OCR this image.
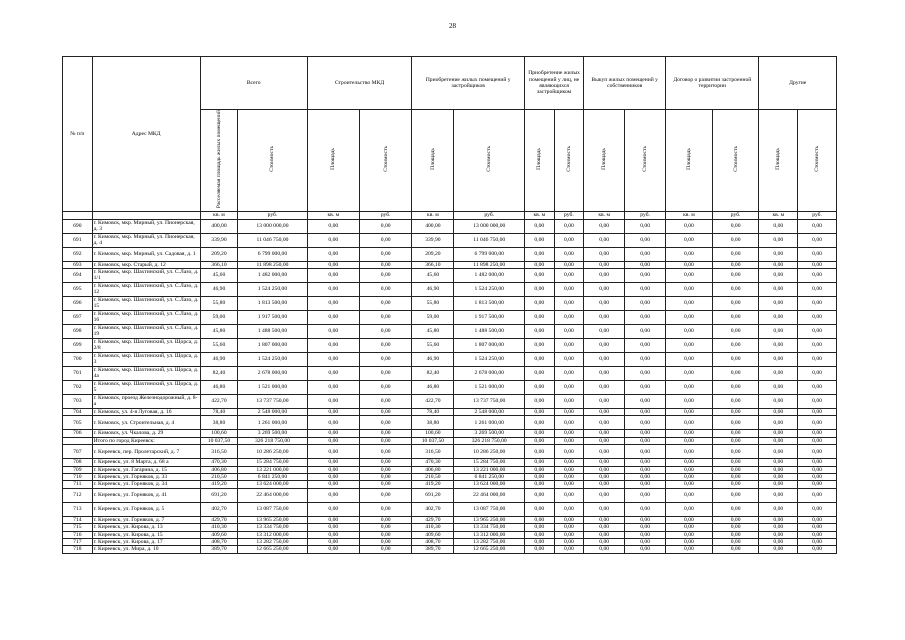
28
№ п/п	Адрес МКД	Всего		Строительство МКД		Приобретение жилых помещений у застройщиков		Приобретение жилых помещений у лиц, не являющихся застройщиком		Выкуп жилых помещений у собственников		Договор о развитии застроенной территории		Другие	
		Расселяемая площадь жилых помещений	Стоимость	Площадь	Стоимость	Площадь	Стоимость	Площадь	Стоимость	Площадь	Стоимость	Площадь	Стоимость	Площадь	Стоимость
		кв. м	руб.	кв. м	руб.	кв. м	руб.	кв. м	руб.	кв. м	руб.	кв. м	руб.	кв. м	руб.
690	г. Кимовск, мкр. Мирный, ул. Пионерская, д. 3	400,00	13 000 000,00	0,00	0,00	400,00	13 000 000,00	0,00	0,00	0,00	0,00	0,00	0,00	0,00	0,00
691	г. Кимовск, мкр. Мирный, ул. Пионерская, д. 4	339,90	11 046 750,00	0,00	0,00	339,90	11 046 750,00	0,00	0,00	0,00	0,00	0,00	0,00	0,00	0,00
692	г. Кимовск, мкр. Мирный, ул. Садовая, д. 1	209,20	6 799 000,00	0,00	0,00	209,20	6 799 000,00	0,00	0,00	0,00	0,00	0,00	0,00	0,00	0,00
693	г. Кимовск, мкр. Старый, д. 12	366,10	11 898 250,00	0,00	0,00	366,10	11 898 250,00	0,00	0,00	0,00	0,00	0,00	0,00	0,00	0,00
694	г. Кимовск, мкр. Шахтинский, ул. С.Лазо, д. 1/1	45,60	1 482 000,00	0,00	0,00	45,60	1 482 000,00	0,00	0,00	0,00	0,00	0,00	0,00	0,00	0,00
695	г. Кимовск, мкр. Шахтинский, ул. С.Лазо, д. 12	46,90	1 524 250,00	0,00	0,00	46,90	1 524 250,00	0,00	0,00	0,00	0,00	0,00	0,00	0,00	0,00
696	г. Кимовск, мкр. Шахтинский, ул. С.Лазо, д. 15	55,80	1 813 500,00	0,00	0,00	55,80	1 813 500,00	0,00	0,00	0,00	0,00	0,00	0,00	0,00	0,00
697	г. Кимовск, мкр. Шахтинский, ул. С.Лазо, д. 16	59,00	1 917 500,00	0,00	0,00	59,00	1 917 500,00	0,00	0,00	0,00	0,00	0,00	0,00	0,00	0,00
698	г. Кимовск, мкр. Шахтинский, ул. С.Лазо, д. 19	45,80	1 488 500,00	0,00	0,00	45,80	1 488 500,00	0,00	0,00	0,00	0,00	0,00	0,00	0,00	0,00
699	г. Кимовск, мкр. Шахтинский, ул. Щорса, д. 2/8	55,60	1 807 000,00	0,00	0,00	55,60	1 807 000,00	0,00	0,00	0,00	0,00	0,00	0,00	0,00	0,00
700	г. Кимовск, мкр. Шахтинский, ул. Щорса, д. 3	46,90	1 524 250,00	0,00	0,00	46,90	1 524 250,00	0,00	0,00	0,00	0,00	0,00	0,00	0,00	0,00
701	г. Кимовск, мкр. Шахтинский, ул. Щорса, д. 4а	82,40	2 678 000,00	0,00	0,00	82,40	2 678 000,00	0,00	0,00	0,00	0,00	0,00	0,00	0,00	0,00
702	г. Кимовск, мкр. Шахтинский, ул. Щорса, д. 5	46,80	1 521 000,00	0,00	0,00	46,80	1 521 000,00	0,00	0,00	0,00	0,00	0,00	0,00	0,00	0,00
703	г. Кимовск, проезд Железнодорожный, д. 8-а	422,70	13 737 750,00	0,00	0,00	422,70	13 737 750,00	0,00	0,00	0,00	0,00	0,00	0,00	0,00	0,00
704	г. Кимовск, ул. 4-я Луговая, д. 16	78,40	2 548 000,00	0,00	0,00	78,40	2 548 000,00	0,00	0,00	0,00	0,00	0,00	0,00	0,00	0,00
705	г. Кимовск, ул. Строительная, д. 4	38,80	1 261 000,00	0,00	0,00	38,80	1 261 000,00	0,00	0,00	0,00	0,00	0,00	0,00	0,00	0,00
706	г. Кимовск, ул. Чкалова, д. 29	100,60	3 269 500,00	0,00	0,00	100,60	3 269 500,00	0,00	0,00	0,00	0,00	0,00	0,00	0,00	0,00
	Итого по город Киреевск:	10 037,50	326 218 750,00	0,00	0,00	10 037,50	326 218 750,00	0,00	0,00	0,00	0,00	0,00	0,00	0,00	0,00
707	г. Киреевск, пер. Пролетарский, д. 7	316,50	10 286 250,00	0,00	0,00	316,50	10 286 250,00	0,00	0,00	0,00	0,00	0,00	0,00	0,00	0,00
708	г. Киреевск, ул. 8 Марта, д. 68 а	470,30	15 284 750,00	0,00	0,00	470,30	15 284 750,00	0,00	0,00	0,00	0,00	0,00	0,00	0,00	0,00
709	г. Киреевск, ул. Гагарина, д. 15	406,80	13 221 000,00	0,00	0,00	406,80	13 221 000,00	0,00	0,00	0,00	0,00	0,00	0,00	0,00	0,00
710	г. Киреевск, ул. Горняков, д. 33	210,50	6 841 250,00	0,00	0,00	210,50	6 841 250,00	0,00	0,00	0,00	0,00	0,00	0,00	0,00	0,00
711	г. Киреевск, ул. Горняков, д. 34	419,20	13 624 000,00	0,00	0,00	419,20	13 624 000,00	0,00	0,00	0,00	0,00	0,00	0,00	0,00	0,00
712	г. Киреевск, ул. Горняков, д. 41	691,20	22 464 000,00	0,00	0,00	691,20	22 464 000,00	0,00	0,00	0,00	0,00	0,00	0,00	0,00	0,00
713	г. Киреевск, ул. Горняков, д. 5	402,70	13 087 750,00	0,00	0,00	402,70	13 087 750,00	0,00	0,00	0,00	0,00	0,00	0,00	0,00	0,00
714	г. Киреевск, ул. Горняков, д. 7	429,70	13 965 250,00	0,00	0,00	429,70	13 965 250,00	0,00	0,00	0,00	0,00	0,00	0,00	0,00	0,00
715	г. Киреевск, ул. Кирова, д. 13	410,30	13 334 750,00	0,00	0,00	410,30	13 334 750,00	0,00	0,00	0,00	0,00	0,00	0,00	0,00	0,00
716	г. Киреевск, ул. Кирова, д. 15	409,60	13 312 000,00	0,00	0,00	409,60	13 312 000,00	0,00	0,00	0,00	0,00	0,00	0,00	0,00	0,00
717	г. Киреевск, ул. Кирова, д. 17	408,70	13 282 750,00	0,00	0,00	408,70	13 282 750,00	0,00	0,00	0,00	0,00	0,00	0,00	0,00	0,00
718	г. Киреевск, ул. Мира, д. 10	389,70	12 665 250,00	0,00	0,00	389,70	12 665 250,00	0,00	0,00	0,00	0,00	0,00	0,00	0,00	0,00
